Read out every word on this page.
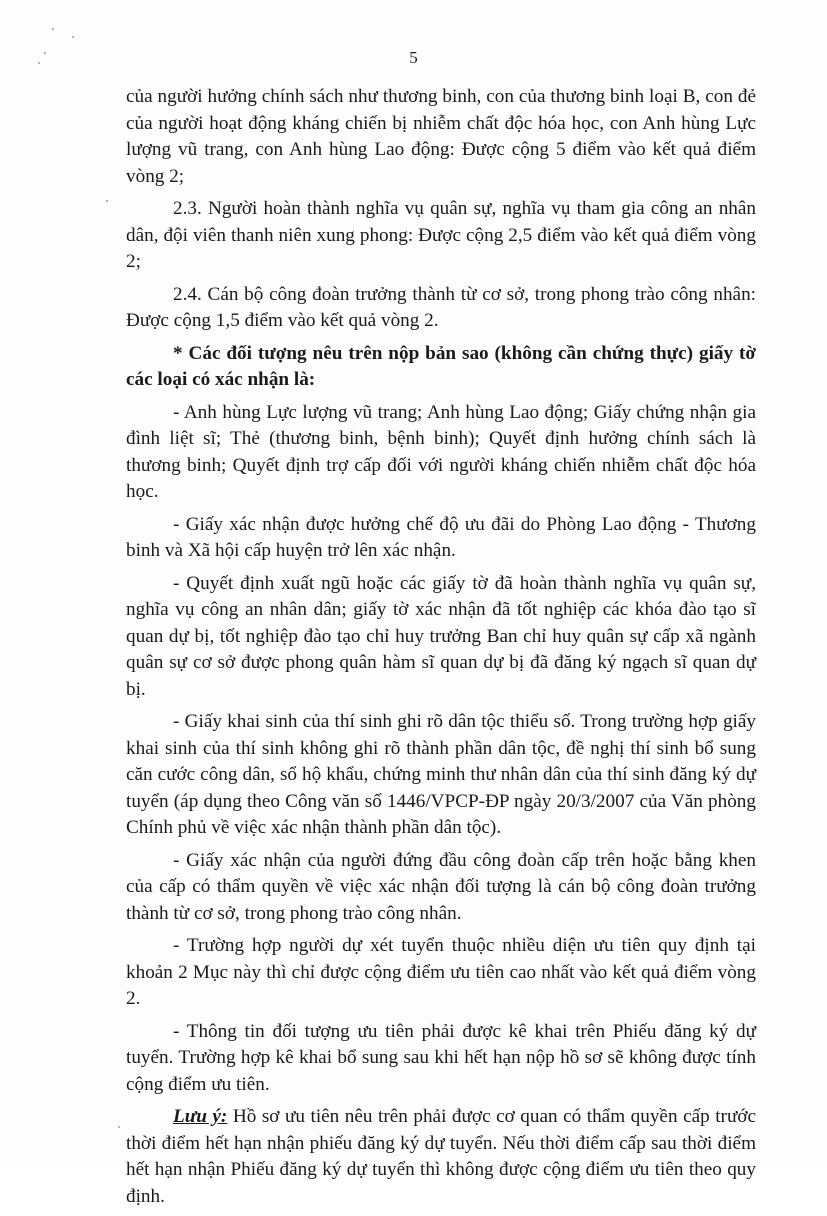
5

của người hưởng chính sách như thương binh, con của thương binh loại B, con đẻ của người hoạt động kháng chiến bị nhiễm chất độc hóa học, con Anh hùng Lực lượng vũ trang, con Anh hùng Lao động: Được cộng 5 điểm vào kết quả điểm vòng 2;

2.3. Người hoàn thành nghĩa vụ quân sự, nghĩa vụ tham gia công an nhân dân, đội viên thanh niên xung phong: Được cộng 2,5 điểm vào kết quả điểm vòng 2;

2.4. Cán bộ công đoàn trưởng thành từ cơ sở, trong phong trào công nhân: Được cộng 1,5 điểm vào kết quả vòng 2.

* Các đối tượng nêu trên nộp bản sao (không cần chứng thực) giấy tờ các loại có xác nhận là:

- Anh hùng Lực lượng vũ trang; Anh hùng Lao động; Giấy chứng nhận gia đình liệt sĩ; Thẻ (thương binh, bệnh binh); Quyết định hưởng chính sách là thương binh; Quyết định trợ cấp đối với người kháng chiến nhiễm chất độc hóa học.

- Giấy xác nhận được hưởng chế độ ưu đãi do Phòng Lao động - Thương binh và Xã hội cấp huyện trở lên xác nhận.

- Quyết định xuất ngũ hoặc các giấy tờ đã hoàn thành nghĩa vụ quân sự, nghĩa vụ công an nhân dân; giấy tờ xác nhận đã tốt nghiệp các khóa đào tạo sĩ quan dự bị, tốt nghiệp đào tạo chỉ huy trưởng Ban chỉ huy quân sự cấp xã ngành quân sự cơ sở được phong quân hàm sĩ quan dự bị đã đăng ký ngạch sĩ quan dự bị.

- Giấy khai sinh của thí sinh ghi rõ dân tộc thiểu số. Trong trường hợp giấy khai sinh của thí sinh không ghi rõ thành phần dân tộc, đề nghị thí sinh bổ sung căn cước công dân, sổ hộ khẩu, chứng minh thư nhân dân của thí sinh đăng ký dự tuyển (áp dụng theo Công văn số 1446/VPCP-ĐP ngày 20/3/2007 của Văn phòng Chính phủ về việc xác nhận thành phần dân tộc).

- Giấy xác nhận của người đứng đầu công đoàn cấp trên hoặc bằng khen của cấp có thẩm quyền về việc xác nhận đối tượng là cán bộ công đoàn trưởng thành từ cơ sở, trong phong trào công nhân.

- Trường hợp người dự xét tuyển thuộc nhiều diện ưu tiên quy định tại khoản 2 Mục này thì chỉ được cộng điểm ưu tiên cao nhất vào kết quả điểm vòng 2.

- Thông tin đối tượng ưu tiên phải được kê khai trên Phiếu đăng ký dự tuyển. Trường hợp kê khai bổ sung sau khi hết hạn nộp hồ sơ sẽ không được tính cộng điểm ưu tiên.

Lưu ý: Hồ sơ ưu tiên nêu trên phải được cơ quan có thẩm quyền cấp trước thời điểm hết hạn nhận phiếu đăng ký dự tuyển. Nếu thời điểm cấp sau thời điểm hết hạn nhận Phiếu đăng ký dự tuyển thì không được cộng điểm ưu tiên theo quy định.
